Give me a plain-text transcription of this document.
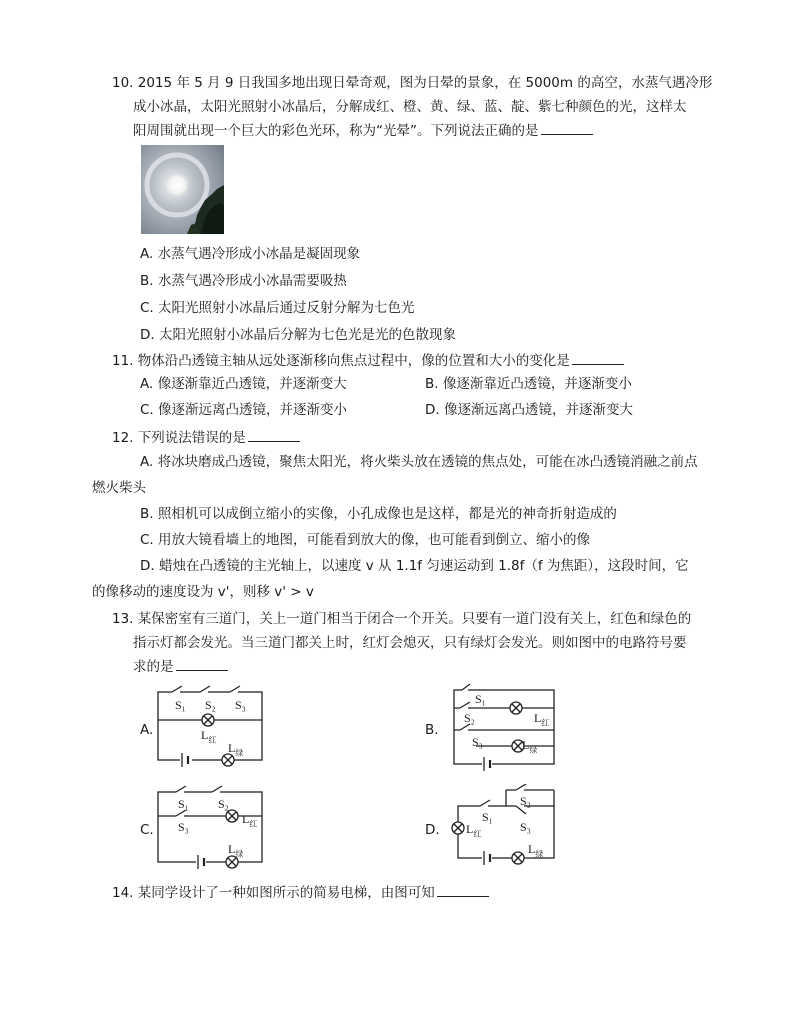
10. 2015 年 5 月 9 日我国多地出现日晕奇观，图为日晕的景象，在 5000m 的高空，水蒸气遇冷形
成小冰晶，太阳光照射小冰晶后，分解成红、橙、黄、绿、蓝、靛、紫七种颜色的光，这样太
阳周围就出现一个巨大的彩色光环，称为“光晕”。下列说法正确的是
A. 水蒸气遇冷形成小冰晶是凝固现象
B. 水蒸气遇冷形成小冰晶需要吸热
C. 太阳光照射小冰晶后通过反射分解为七色光
D. 太阳光照射小冰晶后分解为七色光是光的色散现象
11. 物体沿凸透镜主轴从远处逐渐移向焦点过程中，像的位置和大小的变化是
A. 像逐渐靠近凸透镜，并逐渐变大	B. 像逐渐靠近凸透镜，并逐渐变小
C. 像逐渐远离凸透镜，并逐渐变小	D. 像逐渐远离凸透镜，并逐渐变大
12. 下列说法错误的是
A. 将冰块磨成凸透镜，聚焦太阳光，将火柴头放在透镜的焦点处，可能在冰凸透镜消融之前点
燃火柴头
B. 照相机可以成倒立缩小的实像，小孔成像也是这样，都是光的神奇折射造成的
C. 用放大镜看墙上的地图，可能看到放大的像，也可能看到倒立、缩小的像
D. 蜡烛在凸透镜的主光轴上，以速度 v 从 1.1f 匀速运动到 1.8f（f 为焦距），这段时间，它
的像移动的速度设为 v'，则移 v' > v
13. 某保密室有三道门，关上一道门相当于闭合一个开关。只要有一道门没有关上，红色和绿色的
指示灯都会发光。当三道门都关上时，红灯会熄灭，只有绿灯会发光。则如图中的电路符号要
求的是
A.	B.
C.	D.
S₁ S₂ S₃
$L_红$
$L_绿$
S₁
S₂	$L_红$
S₃	$L_绿$
S₁ S₂
S₃
$L_红$
$L_绿$
S₂
S₁
S₃
$L_红$
$L_绿$
14. 某同学设计了一种如图所示的简易电梯，由图可知
